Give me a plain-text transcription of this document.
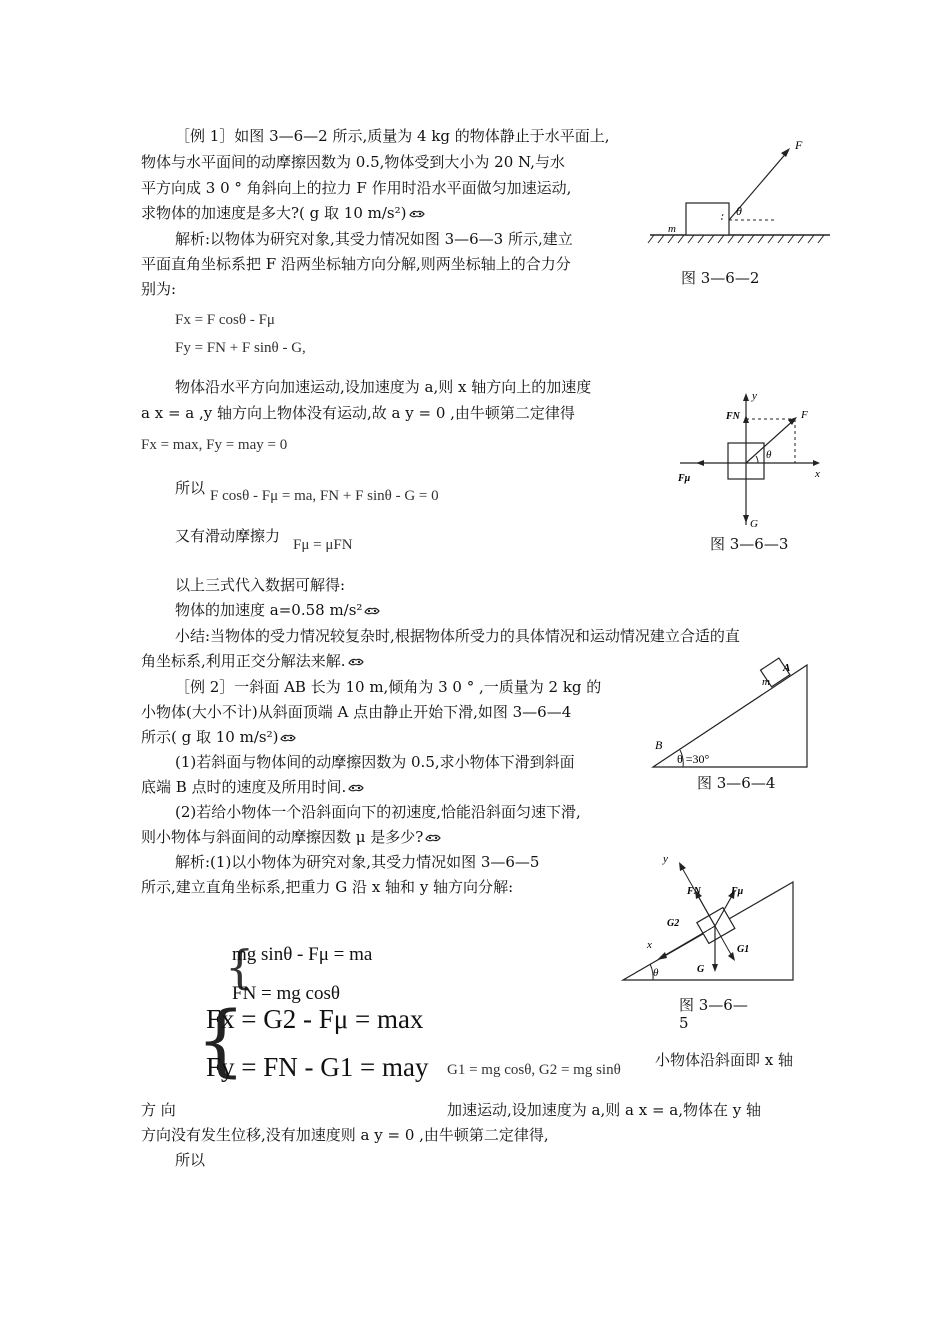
［例 1］如图 3—6—2 所示,质量为 4 kg 的物体静止于水平面上,
物体与水平面间的动摩擦因数为 0.5,物体受到大小为 20 N,与水
平方向成 3 0 ° 角斜向上的拉力 F 作用时沿水平面做匀加速运动,
求物体的加速度是多大?( g 取 10 m/s²)
解析:以物体为研究对象,其受力情况如图 3—6—3 所示,建立
平面直角坐标系把 F 沿两坐标轴方向分解,则两坐标轴上的合力分
别为:
Fx = F cosθ - Fμ
Fy = FN + F sinθ - G,
物体沿水平方向加速运动,设加速度为 a,则 x 轴方向上的加速度
a x = a ,y 轴方向上物体没有运动,故 a y = 0 ,由牛顿第二定律得
Fx = max, Fy = may = 0
所以 F cosθ - Fμ = ma, FN + F sinθ - G = 0
又有滑动摩擦力 Fμ = μFN
以上三式代入数据可解得:
物体的加速度 a=0.58 m/s²
小结:当物体的受力情况较复杂时,根据物体所受力的具体情况和运动情况建立合适的直
角坐标系,利用正交分解法来解.
［例 2］一斜面 AB 长为 10 m,倾角为 3 0 ° ,一质量为 2 kg 的
小物体(大小不计)从斜面顶端 A 点由静止开始下滑,如图 3—6—4
所示( g 取 10 m/s²)
(1)若斜面与物体间的动摩擦因数为 0.5,求小物体下滑到斜面
底端 B 点时的速度及所用时间.
(2)若给小物体一个沿斜面向下的初速度,恰能沿斜面匀速下滑,
则小物体与斜面间的动摩擦因数 μ 是多少?
解析:(1)以小物体为研究对象,其受力情况如图 3—6—5
所示,建立直角坐标系,把重力 G 沿 x 轴和 y 轴方向分解:
{
mg sinθ - Fμ = ma
FN = mg cosθ
{
Fx = G2 - Fμ = max
Fy = FN - G1 = may G1 = mg cosθ, G2 = mg sinθ
小物体沿斜面即 x 轴
方 向	加速运动,设加速度为 a,则 a x = a,物体在 y 轴
方向没有发生位移,没有加速度则 a y = 0 ,由牛顿第二定律得,
所以
F
θ
m
图 3—6—2
y
x
FN	F
Fμ
G
θ
图 3—6—3
B
A
m
θ =30°
图 3—6—4
y
x
FN	Fμ
G2
G1
G
θ
图 3—6—
5
